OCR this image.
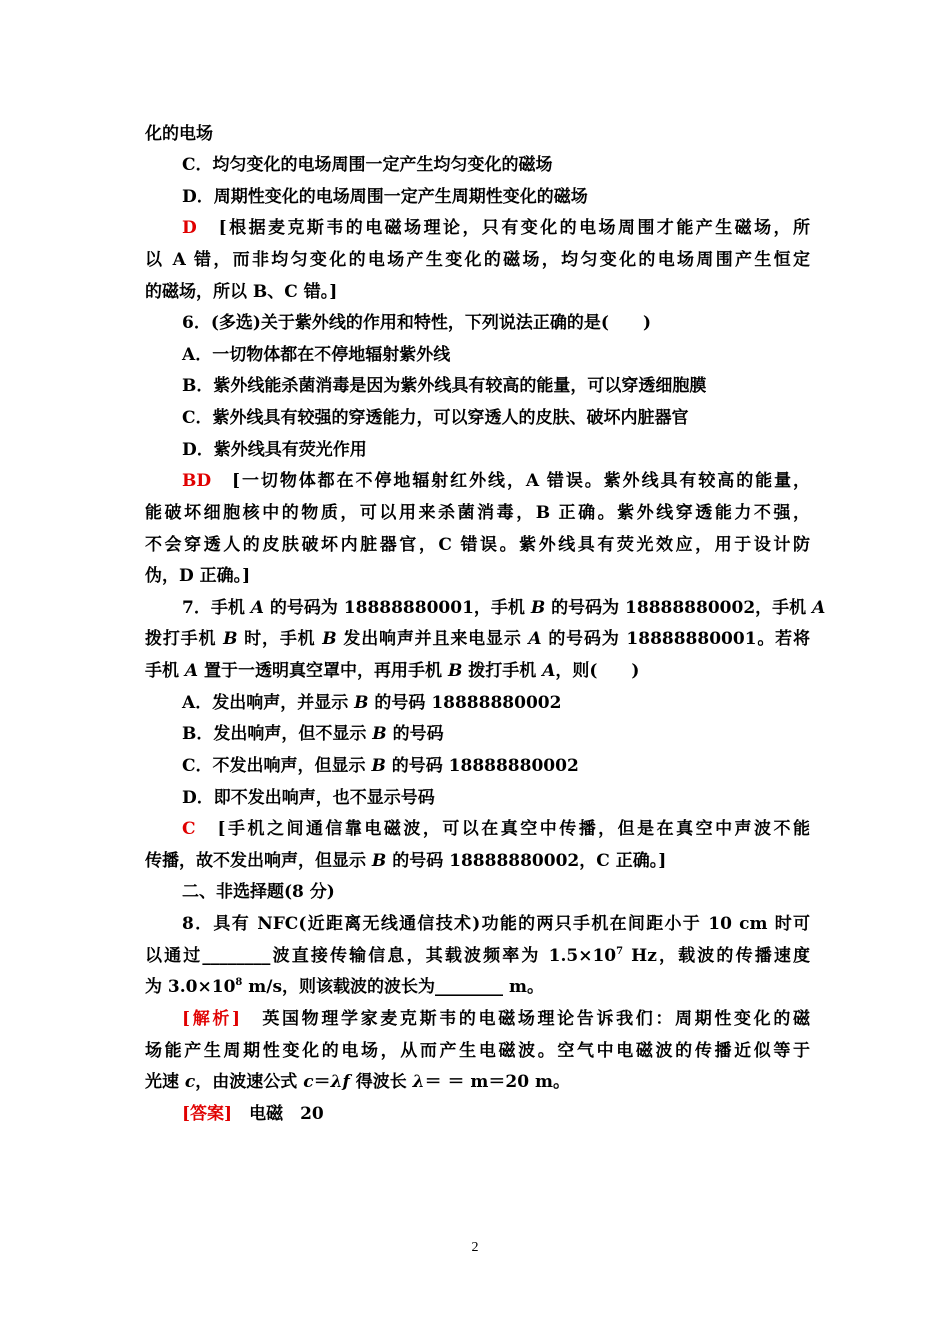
化的电场
C．均匀变化的电场周围一定产生均匀变化的磁场
D．周期性变化的电场周围一定产生周期性变化的磁场
D　 [根据麦克斯韦的电磁场理论，只有变化的电场周围才能产生磁场，所
以 A 错，而非均匀变化的电场产生变化的磁场，均匀变化的电场周围产生恒定
的磁场，所以 B、C 错。]
6．(多选)关于紫外线的作用和特性，下列说法正确的是(　　)
A．一切物体都在不停地辐射紫外线
B．紫外线能杀菌消毒是因为紫外线具有较高的能量，可以穿透细胞膜
C．紫外线具有较强的穿透能力，可以穿透人的皮肤、破坏内脏器官
D．紫外线具有荧光作用
BD　 [一切物体都在不停地辐射红外线，A 错误。紫外线具有较高的能量，
能破坏细胞核中的物质，可以用来杀菌消毒，B 正确。紫外线穿透能力不强，
不会穿透人的皮肤破坏内脏器官，C 错误。紫外线具有荧光效应，用于设计防
伪，D 正确。]
7．手机 A 的号码为 18888880001，手机 B 的号码为 18888880002，手机 A
拨打手机 B 时，手机 B 发出响声并且来电显示 A 的号码为 18888880001。若将
手机 A 置于一透明真空罩中，再用手机 B 拨打手机 A，则(　　)
A．发出响声，并显示 B 的号码 18888880002
B．发出响声，但不显示 B 的号码
C．不发出响声，但显示 B 的号码 18888880002
D．即不发出响声，也不显示号码
C　 [手机之间通信靠电磁波，可以在真空中传播，但是在真空中声波不能
传播，故不发出响声，但显示 B 的号码 18888880002，C 正确。]
二、非选择题(8 分)
8．具有 NFC(近距离无线通信技术)功能的两只手机在间距小于 10 cm 时可
以通过________波直接传输信息，其载波频率为 $1.5\times 10^7$ Hz，载波的传播速度
为 $3.0\times 10^8$ m/s，则该载波的波长为________ m。
[解析]　英国物理学家麦克斯韦的电磁场理论告诉我们：周期性变化的磁
场能产生周期性变化的电场，从而产生电磁波。空气中电磁波的传播近似等于
光速 c，由波速公式 c＝λf 得波长 λ＝ ＝ m＝20 m。
[答案]　电磁　20
2
